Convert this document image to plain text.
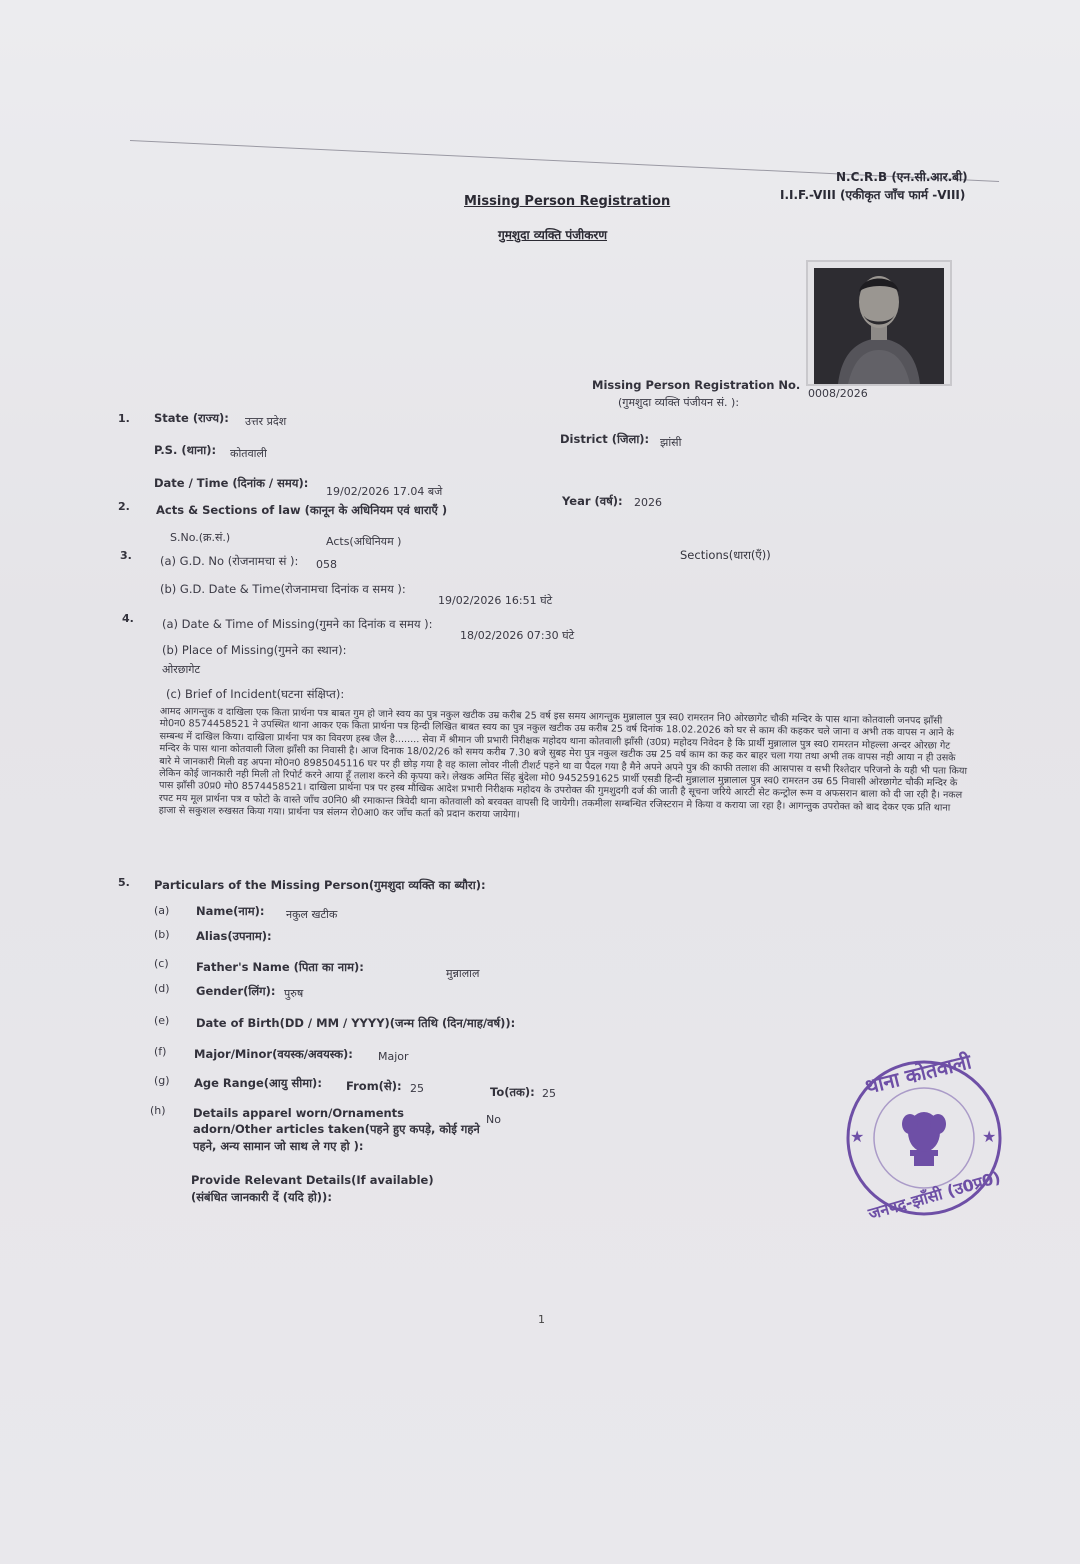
N.C.R.B (एन.सी.आर.बी)
I.I.F.-VIII (एकीकृत जाँच फार्म -VIII)
Missing Person Registration
गुमशुदा व्यक्ति पंजीकरण
Missing Person Registration No.
(गुमशुदा व्यक्ति पंजीयन सं. ):
0008/2026
1. State (राज्य): उत्तर प्रदेश
District (जिला): झांसी
P.S. (थाना): कोतवाली
Date / Time (दिनांक / समय):
19/02/2026 17.04 बजे
Year (वर्ष): 2026
2. Acts & Sections of law (कानून के अधिनियम एवं धाराएँ )
S.No.(क्र.सं.)	Acts(अधिनियम )
Sections(धारा(एँ))
3. (a) G.D. No (रोजनामचा सं ): 058
(b) G.D. Date & Time(रोजनामचा दिनांक व समय ):
19/02/2026 16:51 घंटे
4. (a) Date & Time of Missing(गुमने का दिनांक व समय ):
18/02/2026 07:30 घंटे
(b) Place of Missing(गुमने का स्थान):
ओरछागेट
(c) Brief of Incident(घटना संक्षिप्त):
आमद आगन्तुक व दाखिला एक किता प्रार्थना पत्र बाबत गुम हो जाने स्वय का पुत्र नकुल खटीक उम्र करीब 25 वर्ष इस समय आगन्तुक मुन्नालाल पुत्र स्व0 रामरतन नि0 ओरछागेट चौकी मन्दिर के पास थाना कोतवाली जनपद झाँसी मो0न0 8574458521 ने उपस्थित थाना आकर एक किता प्रार्थना पत्र हिन्दी लिखित बाबत स्वय का पुत्र नकुल खटीक उम्र करीब 25 वर्ष दिनांक 18.02.2026 को घर से काम की कहकर चले जाना व अभी तक वापस न आने के सम्बन्ध में दाखिल किया। दाखिला प्रार्थना पत्र का विवरण हस्ब जैल है........ सेवा में श्रीमान जी प्रभारी निरीक्षक महोदय थाना कोतवाली झाँसी (उ0प्र) महोदय निवेदन है कि प्रार्थी मुन्नालाल पुत्र स्व0 रामरतन मोहल्ला अन्दर ओरछा गेट मन्दिर के पास थाना कोतवाली जिला झाँसी का निवासी है। आज दिनाक 18/02/26 को समय करीब 7.30 बजे सुबह मेरा पुत्र नकुल खटीक उम्र 25 वर्ष काम का कह कर बाहर चला गया तथा अभी तक वापस नही आया न ही उसके बारे मे जानकारी मिली वह अपना मो0न0 8985045116 घर पर ही छोड़ गया है वह काला लोवर नीली टीशर्ट पहने था वा पैदल गया है मैने अपने अपने पुत्र की काफी तलाश की आसपास व सभी रिश्तेदार परिजनो के यही भी पता किया लेकिन कोई जानकारी नही मिली तो रिपोर्ट करने आया हूँ तलाश करने की कृपया करे। लेखक अमित सिंह बुंदेला मो0 9452591625 प्रार्थी एसडी हिन्दी मुन्नालाल मुन्नालाल पुत्र स्व0 रामरतन उम्र 65 निवासी ओरछागेट चौकी मन्दिर के पास झाँसी उ0प्र0 मो0 8574458521। दाखिला प्रार्थना पत्र पर हस्ब मौखिक आदेश प्रभारी निरीक्षक महोदय के उपरोक्त की गुमशुदगी दर्ज की जाती है सूचना जरिये आरटी सेट कन्ट्रोल रूम व अफसरान बाला को दी जा रही है। नकल रपट मय मूल प्रार्थना पत्र व फोटो के वास्ते जाँच उ0नि0 श्री रमाकान्त त्रिवेदी थाना कोतवाली को बरवक्त वापसी दि जायेगी। तकमीला सम्बन्धित रजिस्टरान मे किया व कराया जा रहा है। आगन्तुक उपरोक्त को बाद देकर एक प्रति थाना हाजा से सकुशल रुखसत किया गया। प्रार्थना पत्र संलग्न रो0आ0 कर जाँच कर्ता को प्रदान कराया जायेगा।
5. Particulars of the Missing Person(गुमशुदा व्यक्ति का ब्यौरा):
(a) Name(नाम): नकुल खटीक
(b) Alias(उपनाम):
(c) Father's Name (पिता का नाम):	मुन्नालाल
(d) Gender(लिंग): पुरुष
(e) Date of Birth(DD / MM / YYYY)(जन्म तिथि (दिन/माह/वर्ष)):
(f) Major/Minor(वयस्क/अवयस्क): Major
(g) Age Range(आयु सीमा): From(से): 25	To(तक): 25
(h) Details apparel worn/Ornaments
adorn/Other articles taken(पहने हुए कपड़े, कोई गहने
पहने, अन्य सामान जो साथ ले गए हो ):
No
Provide Relevant Details(If available)
(संबंधित जानकारी दें (यदि हो)):
★	★
थाना कोतवाली
जनपद-झाँसी (उ0प्र0)
1
